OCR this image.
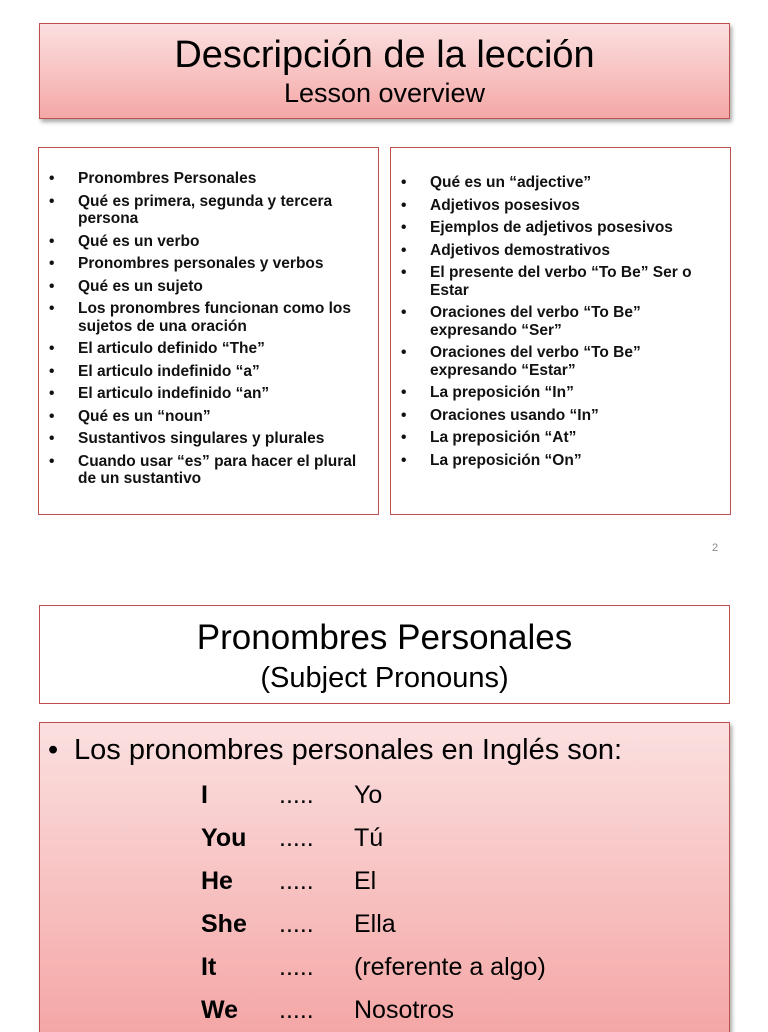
Descripción de la lección
Lesson overview
• Pronombres Personales
• Qué es primera, segunda y tercera persona
• Qué es un verbo
• Pronombres personales y verbos
• Qué es un sujeto
• Los pronombres funcionan como los sujetos de una oración
• El articulo definido “The”
• El articulo indefinido “a”
• El articulo indefinido “an”
• Qué es un “noun”
• Sustantivos singulares y plurales
• Cuando usar “es” para hacer el plural de un sustantivo
• Qué es un “adjective”
• Adjetivos posesivos
• Ejemplos de adjetivos posesivos
• Adjetivos demostrativos
• El presente del verbo “To Be” Ser o Estar
• Oraciones del verbo “To Be” expresando “Ser”
• Oraciones del verbo “To Be” expresando “Estar”
• La preposición “In”
• Oraciones usando “In”
• La preposición “At”
• La preposición “On”
2
Pronombres Personales
(Subject Pronouns)
• Los pronombres personales en Inglés son:
I	.....	Yo
You	.....	Tú
He	.....	El
She	.....	Ella
It	.....	(referente a algo)
We	.....	Nosotros
